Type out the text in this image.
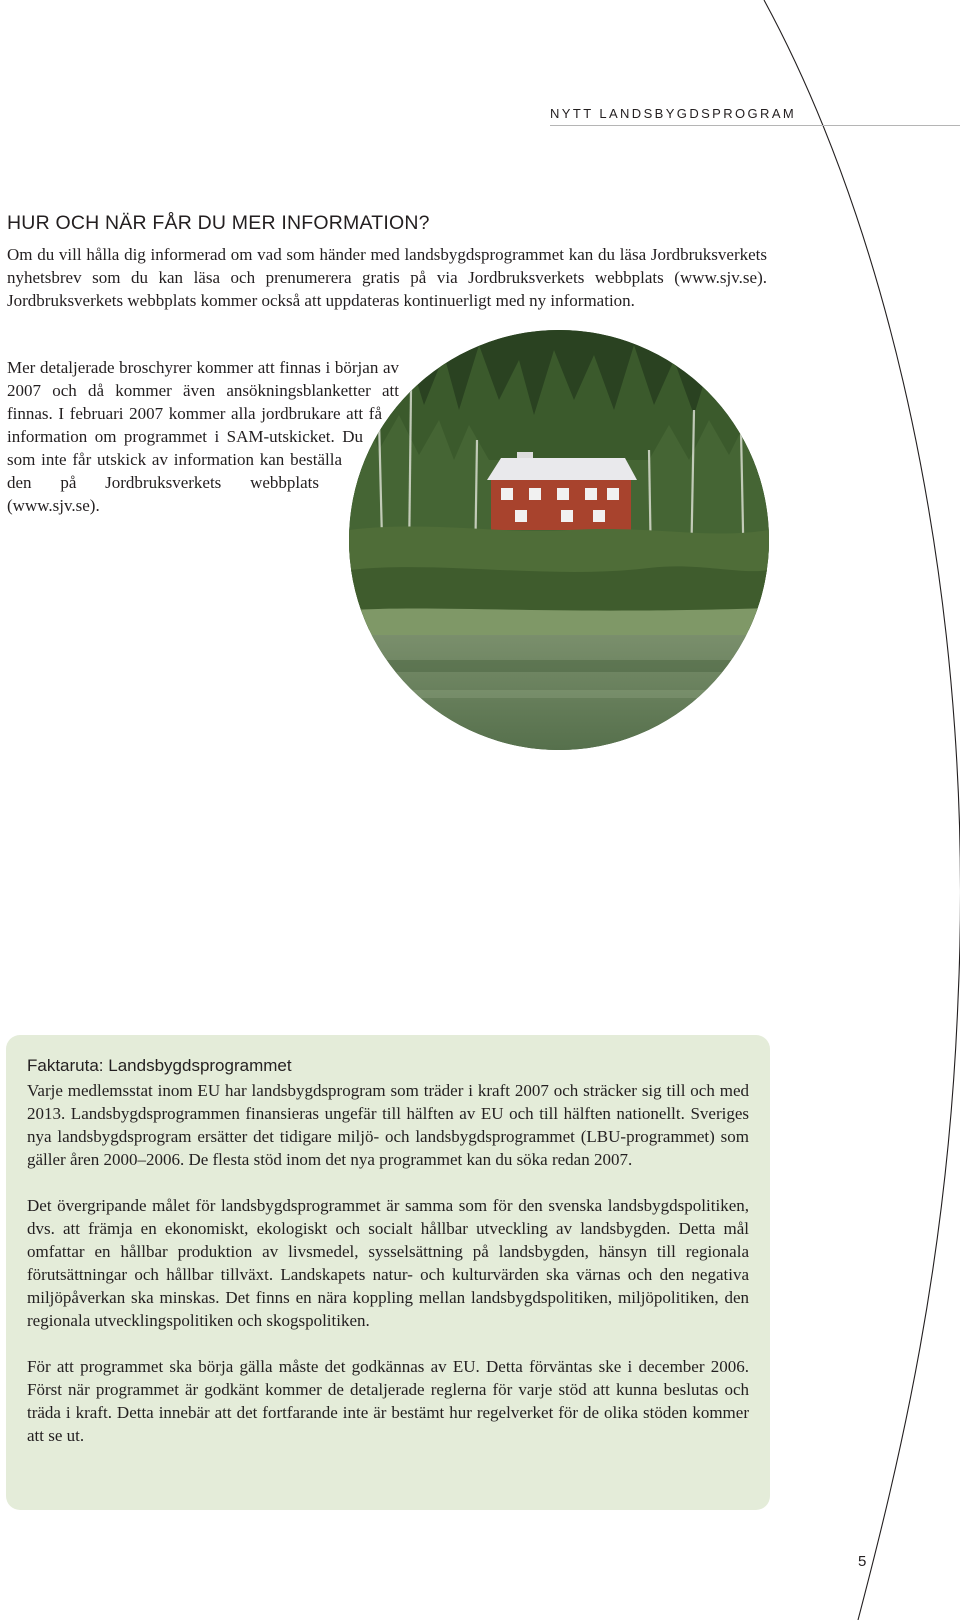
NYTT LANDSBYGDSPROGRAM
HUR OCH NÄR FÅR DU MER INFORMATION?

Om du vill hålla dig informerad om vad som händer med landsbygdsprogrammet kan du läsa Jordbruksverkets nyhetsbrev som du kan läsa och prenumerera gratis på via Jordbruksverkets webbplats (www.sjv.se). Jordbruksverkets webbplats kommer också att uppdateras kontinuerligt med ny information.

Mer detaljerade broschyrer kommer att finnas i början av
2007 och då kommer även ansökningsblanketter att
finnas. I februari 2007 kommer alla jordbrukare att få
information om programmet i SAM-utskicket. Du
som inte får utskick av information kan beställa
den på Jordbruksverkets webbplats
(www.sjv.se).

Faktaruta: Landsbygdsprogrammet

Varje medlemsstat inom EU har landsbygdsprogram som träder i kraft 2007 och sträcker sig till och med 2013. Landsbygdsprogrammen finansieras ungefär till hälften av EU och till hälften nationellt. Sveriges nya landsbygdsprogram ersätter det tidigare miljö- och landsbygdsprogrammet (LBU-programmet) som gäller åren 2000–2006. De flesta stöd inom det nya programmet kan du söka redan 2007.

Det övergripande målet för landsbygdsprogrammet är samma som för den svenska landsbygdspolitiken, dvs. att främja en ekonomiskt, ekologiskt och socialt hållbar utveckling av landsbygden. Detta mål omfattar en hållbar produktion av livsmedel, sysselsättning på landsbygden, hänsyn till regionala förutsättningar och hållbar tillväxt. Landskapets natur- och kulturvärden ska värnas och den negativa miljöpåverkan ska minskas. Det finns en nära koppling mellan landsbygdspolitiken, miljöpolitiken, den regionala utvecklingspolitiken och skogspolitiken.

För att programmet ska börja gälla måste det godkännas av EU. Detta förväntas ske i december 2006. Först när programmet är godkänt kommer de detaljerade reglerna för varje stöd att kunna beslutas och träda i kraft. Detta innebär att det fortfarande inte är bestämt hur regelverket för de olika stöden kommer att se ut.

5
